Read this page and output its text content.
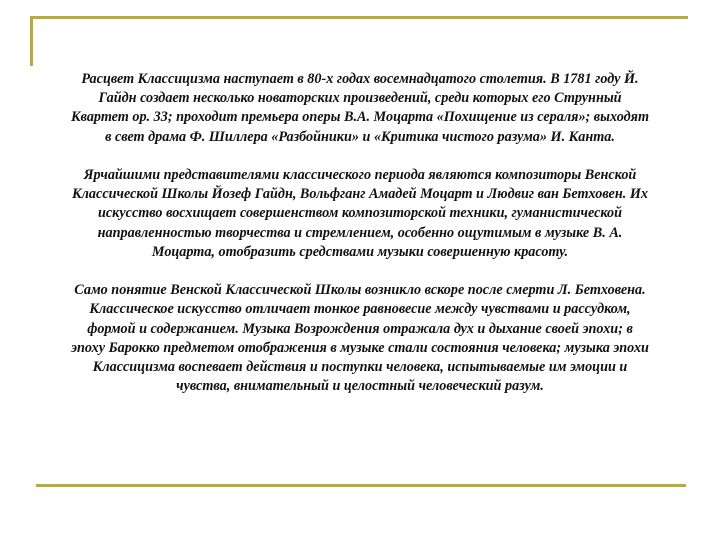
Расцвет Классицизма наступает в 80-х годах восемнадцатого столетия. В 1781 году Й.
Гайдн создает несколько новаторских произведений, среди которых его Струнный
Квартет ор. 33; проходит премьера оперы В.А. Моцарта «Похищение из сераля»; выходят
в свет драма Ф. Шиллера «Разбойники» и «Критика чистого разума» И. Канта.

Ярчайшими представителями классического периода являются композиторы Венской
Классической Школы Йозеф Гайдн, Вольфганг Амадей Моцарт и Людвиг ван Бетховен. Их
искусство восхищает совершенством композиторской техники, гуманистической
направленностью творчества и стремлением, особенно ощутимым в музыке В. А.
Моцарта, отобразить средствами музыки совершенную красоту.

Само понятие Венской Классической Школы возникло вскоре после смерти Л. Бетховена.
Классическое искусство отличает тонкое равновесие между чувствами и рассудком,
формой и содержанием. Музыка Возрождения отражала дух и дыхание своей эпохи; в
эпоху Барокко предметом отображения в музыке стали состояния человека; музыка эпохи
Классицизма воспевает действия и поступки человека, испытываемые им эмоции и
чувства, внимательный и целостный человеческий разум.
